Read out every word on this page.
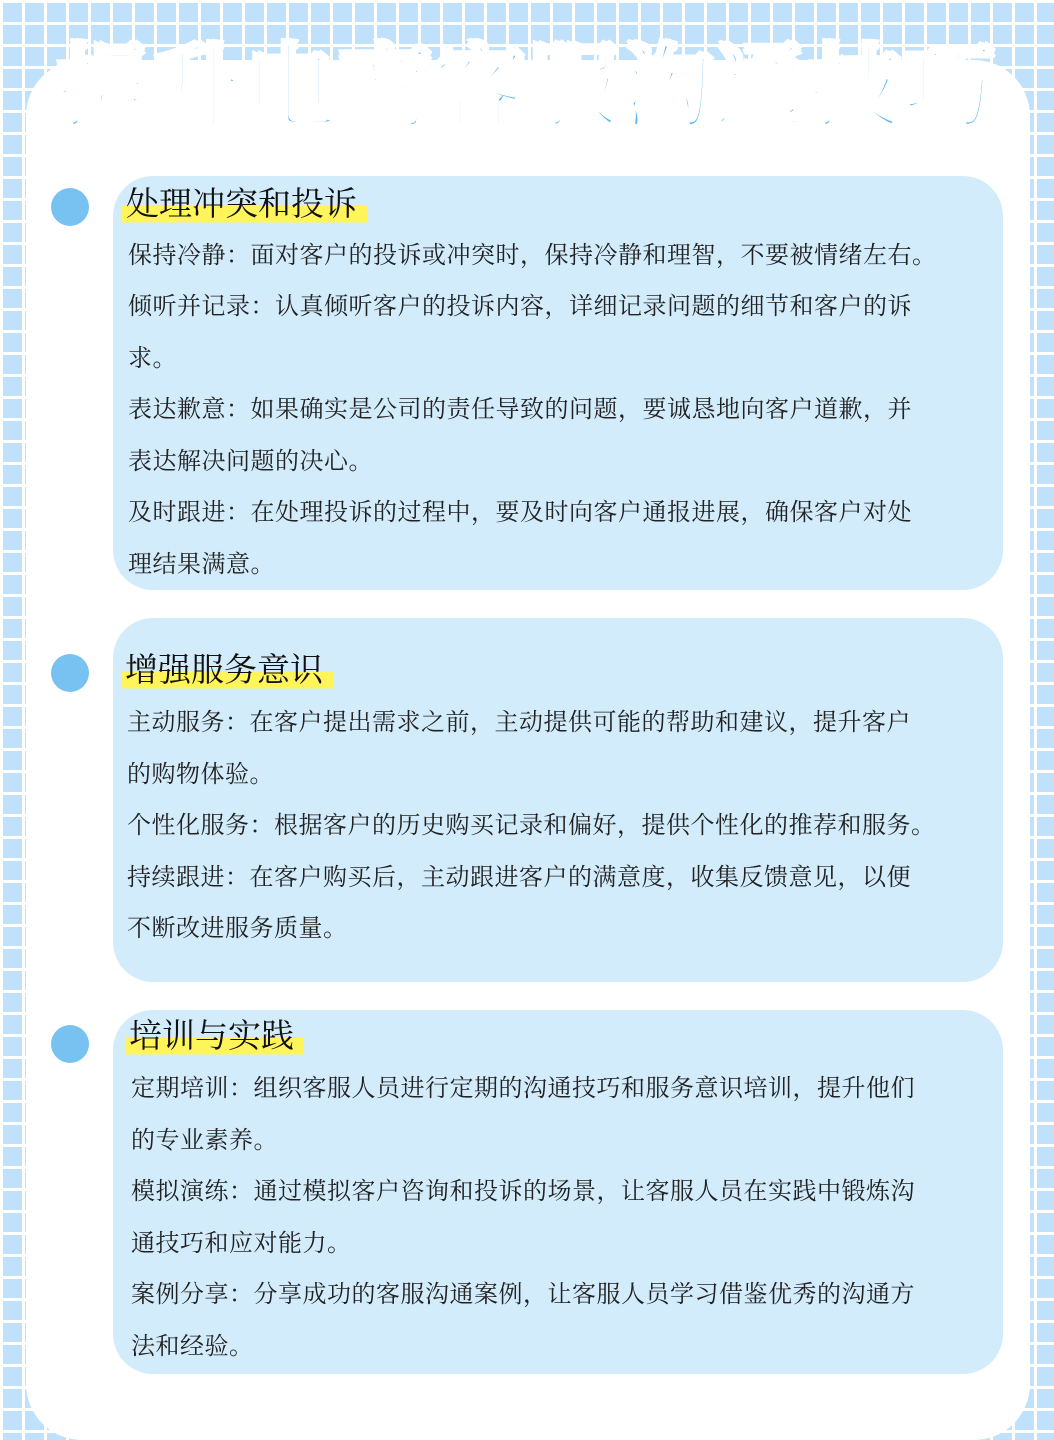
提升电商客服沟通技巧
处理冲突和投诉

保持冷静：面对客户的投诉或冲突时，保持冷静和理智，不要被情绪左右。

倾听并记录：认真倾听客户的投诉内容，详细记录问题的细节和客户的诉

求。

表达歉意：如果确实是公司的责任导致的问题，要诚恳地向客户道歉，并

表达解决问题的决心。

及时跟进：在处理投诉的过程中，要及时向客户通报进展，确保客户对处

理结果满意。

增强服务意识

主动服务：在客户提出需求之前，主动提供可能的帮助和建议，提升客户

的购物体验。

个性化服务：根据客户的历史购买记录和偏好，提供个性化的推荐和服务。

持续跟进：在客户购买后，主动跟进客户的满意度，收集反馈意见，以便

不断改进服务质量。

培训与实践

定期培训：组织客服人员进行定期的沟通技巧和服务意识培训，提升他们

的专业素养。

模拟演练：通过模拟客户咨询和投诉的场景，让客服人员在实践中锻炼沟

通技巧和应对能力。

案例分享：分享成功的客服沟通案例，让客服人员学习借鉴优秀的沟通方

法和经验。
